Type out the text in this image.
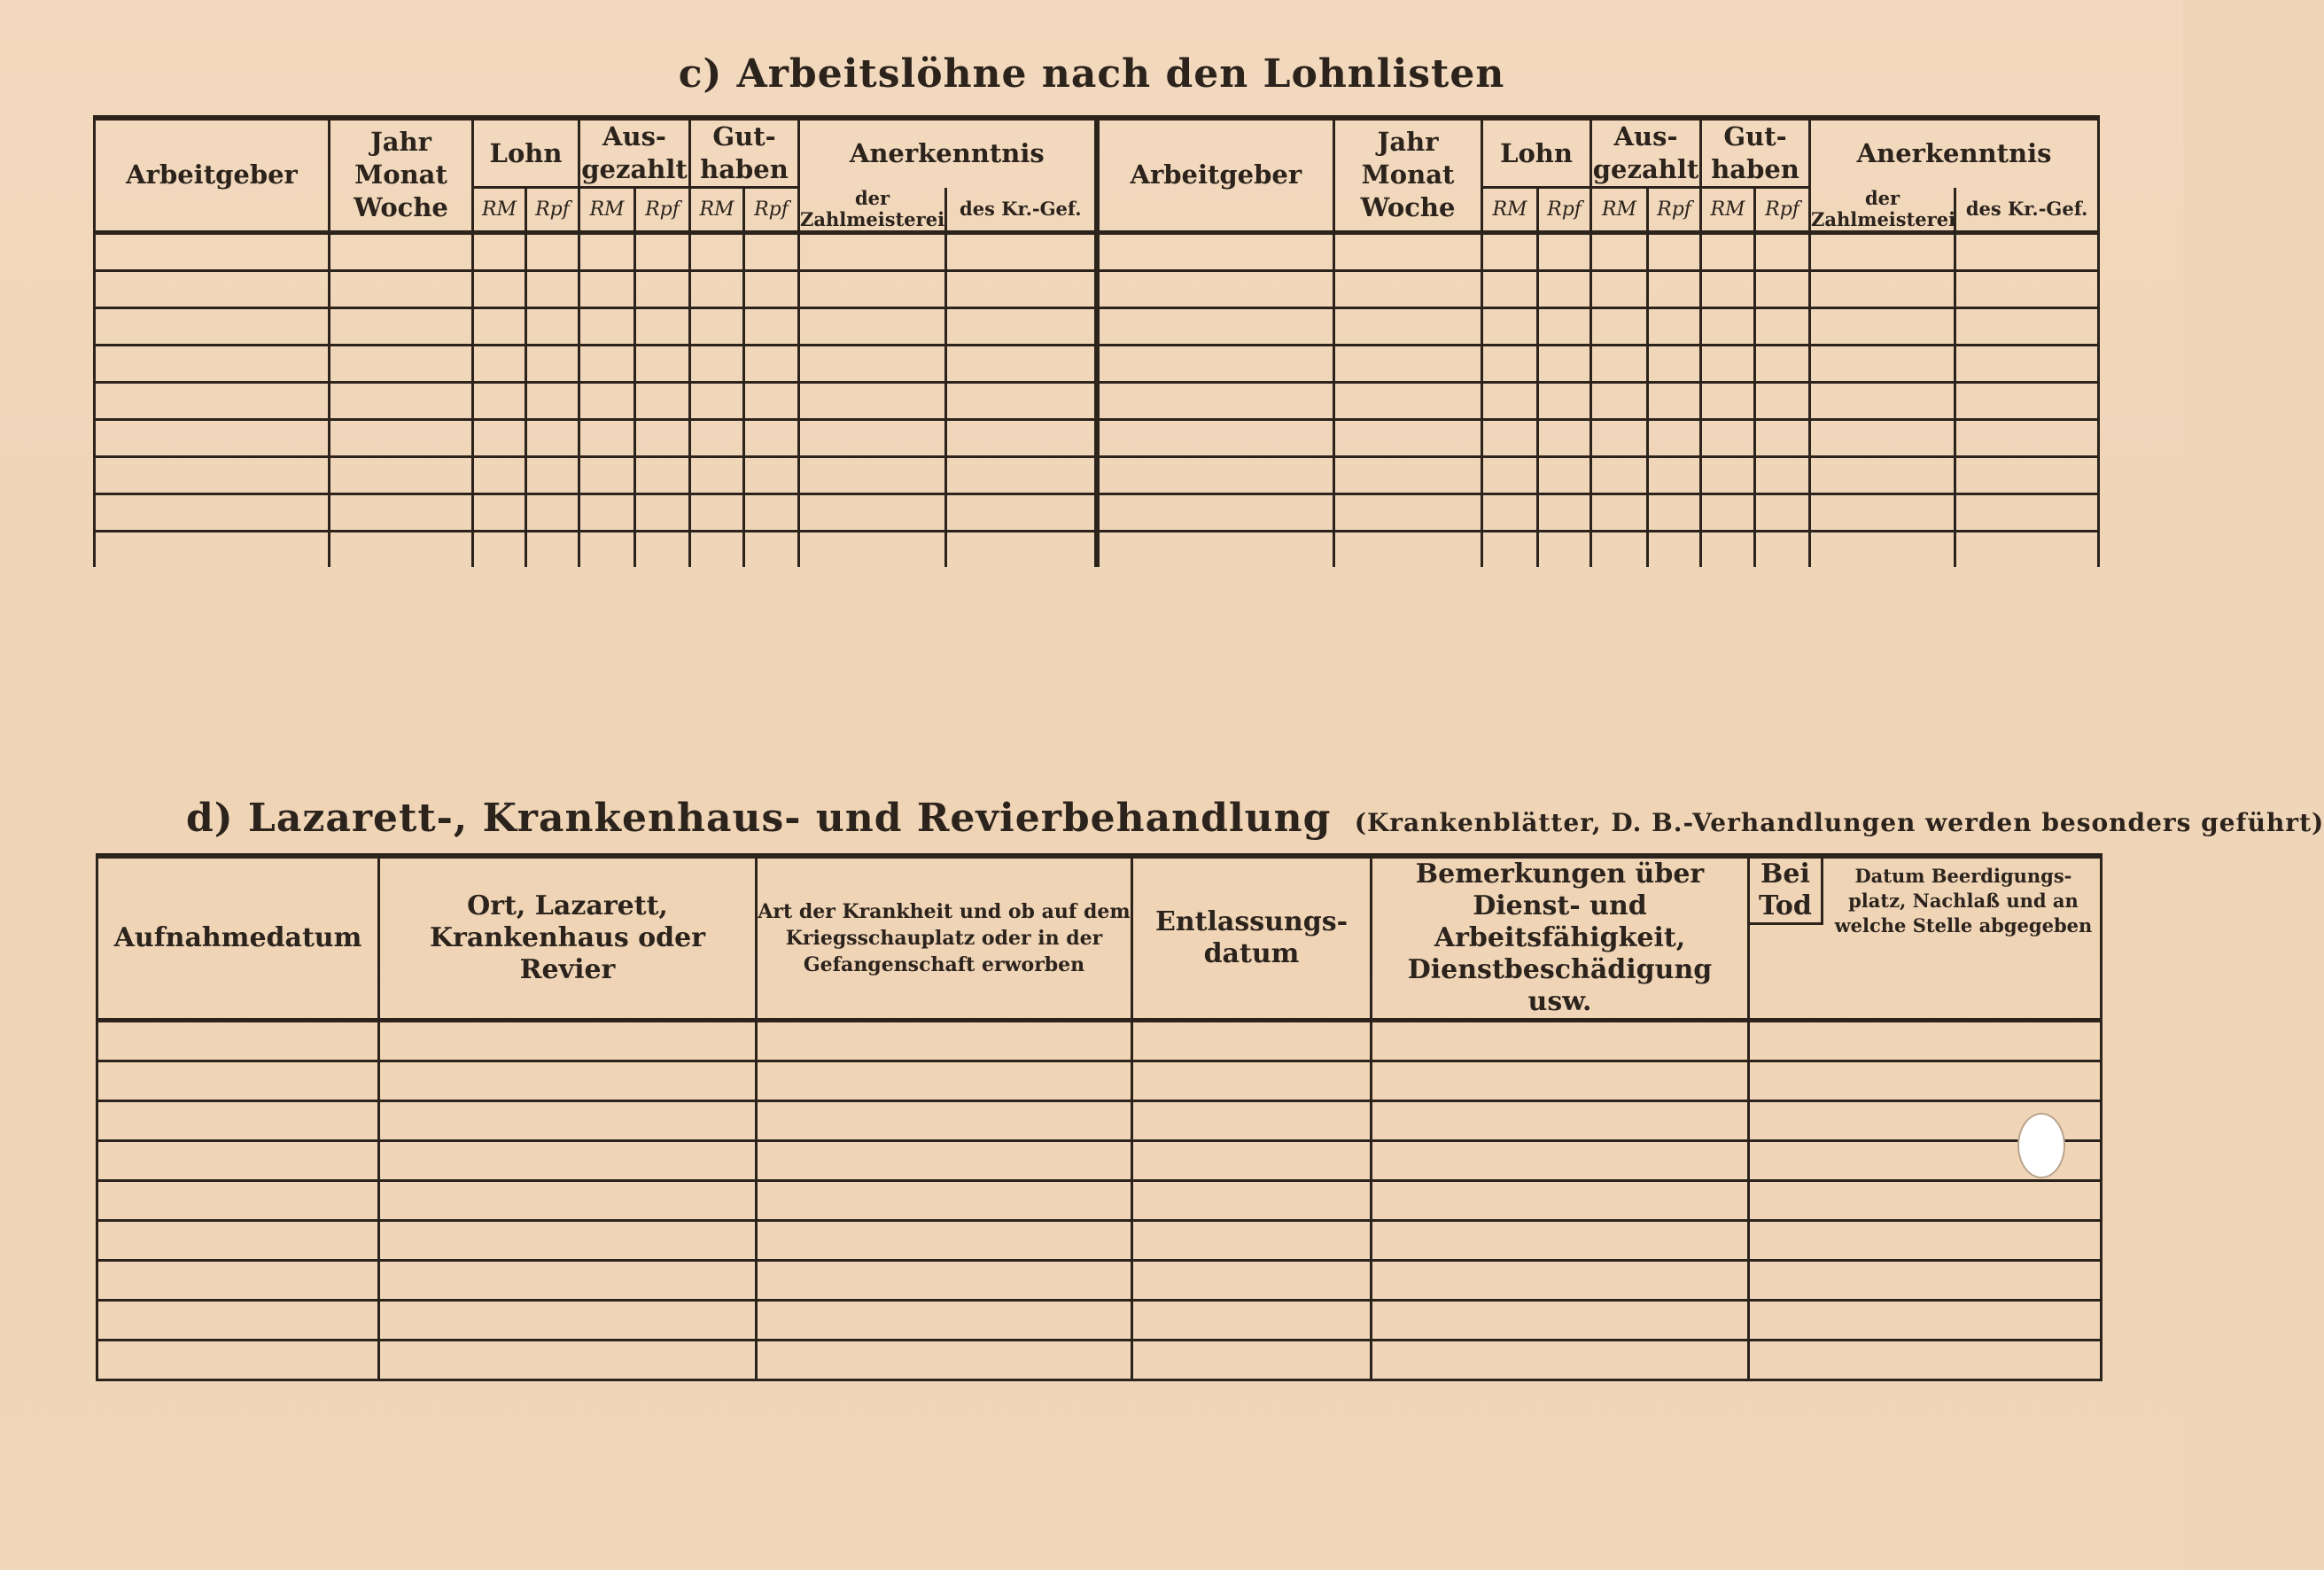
c) Arbeitslöhne nach den Lohnlisten
Arbeitgeber	Jahr Monat Woche	Lohn		Aus- gezahlt		Gut- haben		Anerkenntnis		Arbeitgeber	Jahr Monat Woche	Lohn		Aus- gezahlt		Gut- haben		Anerkenntnis	

		RM	Rpf	RM	Rpf	RM	Rpf	der Zahlmeisterei	des Kr.-Gef.			RM	Rpf	RM	Rpf	RM	Rpf	der Zahlmeisterei	des Kr.-Gef.

d) Lazarett-, Krankenhaus- und Revierbehandlung (Krankenblätter, D. B.-Verhandlungen werden besonders geführt)
Aufnahmedatum	Ort, Lazarett, Krankenhaus oder Revier	Art der Krankheit und ob auf dem Kriegsschauplatz oder in der Gefangenschaft erworben	Entlassungs- datum	Bemerkungen über Dienst- und Arbeitsfähigkeit, Dienstbeschädigung usw.	Bei Tod
Datum Beerdigungs- platz, Nachlaß und an welche Stelle abgegeben
